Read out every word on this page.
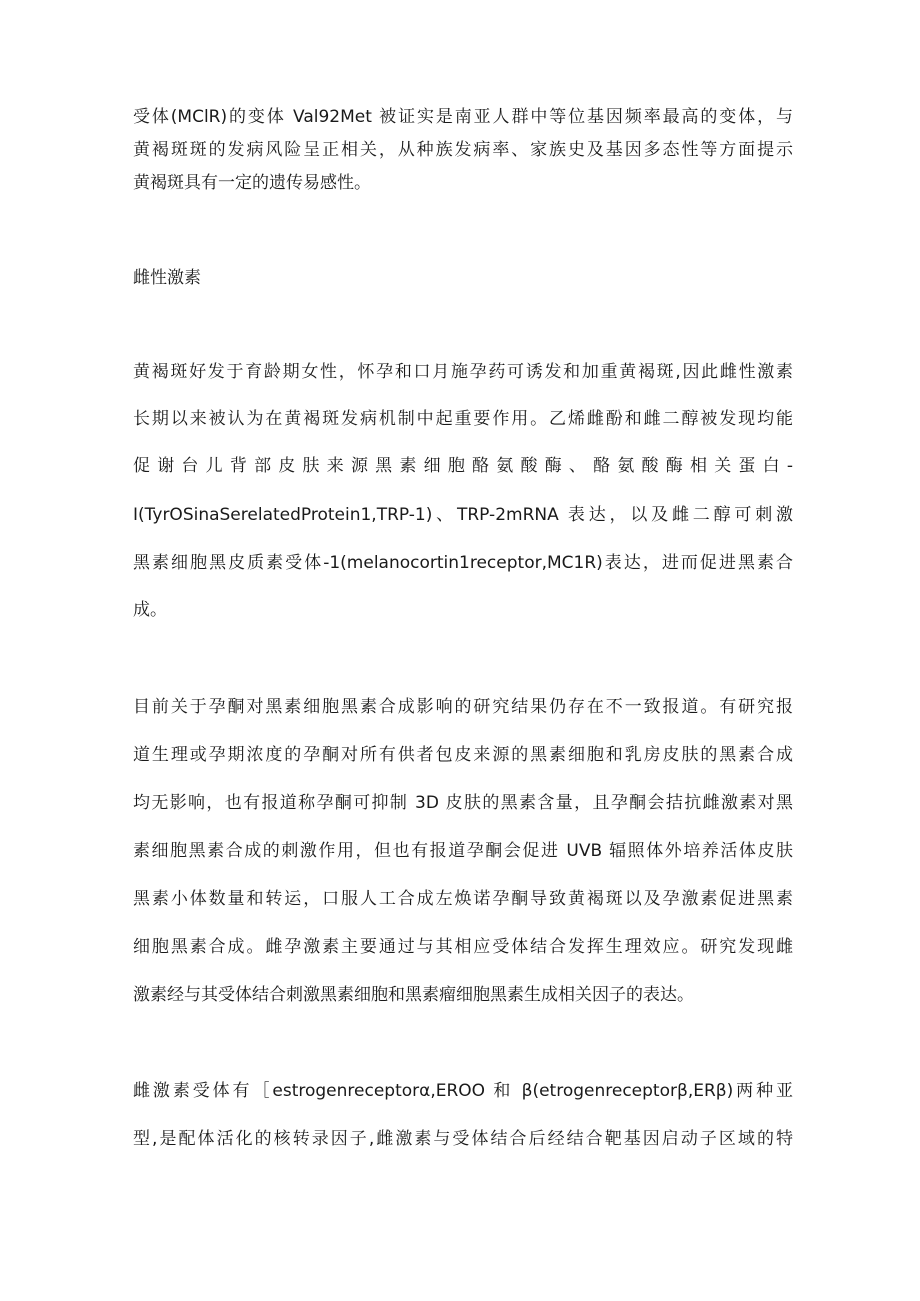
受体(MClR)的变体 Val92Met 被证实是南亚人群中等位基因频率最高的变体，与
黄褐斑斑的发病风险呈正相关，从种族发病率、家族史及基因多态性等方面提示
黄褐斑具有一定的遗传易感性。
雌性激素
黄褐斑好发于育龄期女性，怀孕和口月施孕药可诱发和加重黄褐斑,因此雌性激素
长期以来被认为在黄褐斑发病机制中起重要作用。乙烯雌酚和雌二醇被发现均能
促谢台儿背部皮肤来源黑素细胞酪氨酸酶、酪氨酸酶相关蛋白-
I(TyrOSinaSerelatedProtein1,TRP-1)、TRP-2mRNA 表达，以及雌二醇可刺激
黑素细胞黑皮质素受体-1(melanocortin1receptor,MC1R)表达，进而促进黑素合
成。
目前关于孕酮对黑素细胞黑素合成影响的研究结果仍存在不一致报道。有研究报
道生理或孕期浓度的孕酮对所有供者包皮来源的黑素细胞和乳房皮肤的黑素合成
均无影响，也有报道称孕酮可抑制 3D 皮肤的黑素含量，且孕酮会拮抗雌激素对黑
素细胞黑素合成的刺激作用，但也有报道孕酮会促进 UVB 辐照体外培养活体皮肤
黑素小体数量和转运，口服人工合成左焕诺孕酮导致黄褐斑以及孕激素促进黑素
细胞黑素合成。雌孕激素主要通过与其相应受体结合发挥生理效应。研究发现雌
激素经与其受体结合刺激黑素细胞和黑素瘤细胞黑素生成相关因子的表达。
雌激素受体有［estrogenreceptorα,EROO 和 β(etrogenreceptorβ,ERβ)两种亚
型,是配体活化的核转录因子,雌激素与受体结合后经结合靶基因启动子区域的特
